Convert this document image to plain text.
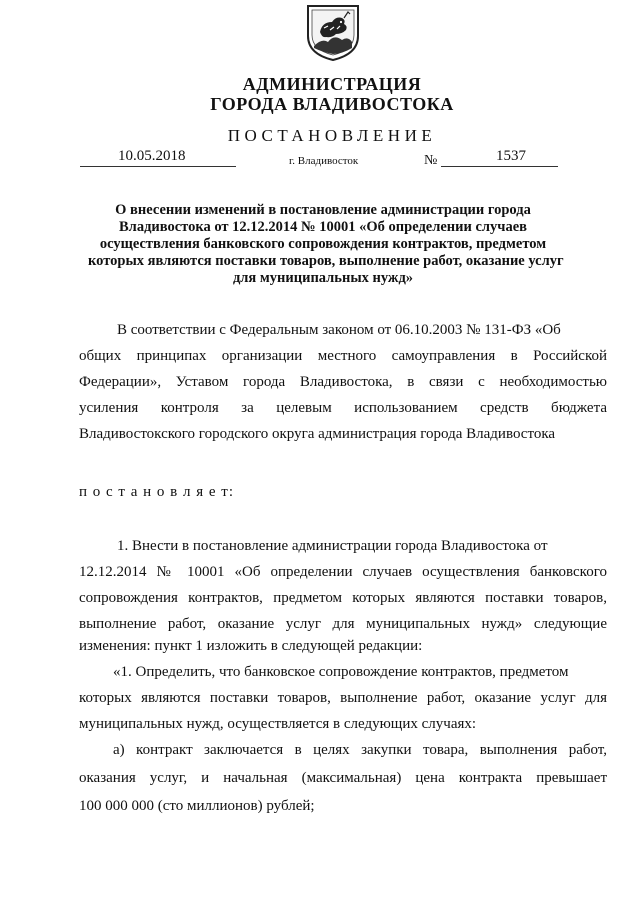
АДМИНИСТРАЦИЯ
ГОРОДА ВЛАДИВОСТОКА
ПОСТАНОВЛЕНИЕ
10.05.2018	г. Владивосток	№	1537
О внесении изменений в постановление администрации города
Владивостока от 12.12.2014 № 10001 «Об определении случаев
осуществления банковского сопровождения контрактов, предметом
которых являются поставки товаров, выполнение работ, оказание услуг
для муниципальных нужд»
В соответствии с Федеральным законом от 06.10.2003 № 131-ФЗ «Об
общих принципах организации местного самоуправления в Российской
Федерации», Уставом города Владивостока, в связи с необходимостью
усиления контроля за целевым использованием средств бюджета
Владивостокского городского округа администрация города Владивостока
п о с т а н о в л я е т:
1. Внести в постановление администрации города Владивостока от
12.12.2014 № 10001 «Об определении случаев осуществления банковского
сопровождения контрактов, предметом которых являются поставки товаров,
выполнение работ, оказание услуг для муниципальных нужд» следующие
изменения: пункт 1 изложить в следующей редакции:
«1. Определить, что банковское сопровождение контрактов, предметом
которых являются поставки товаров, выполнение работ, оказание услуг для
муниципальных нужд, осуществляется в следующих случаях:
а) контракт заключается в целях закупки товара, выполнения работ,
оказания услуг, и начальная (максимальная) цена контракта превышает
100 000 000 (сто миллионов) рублей;
